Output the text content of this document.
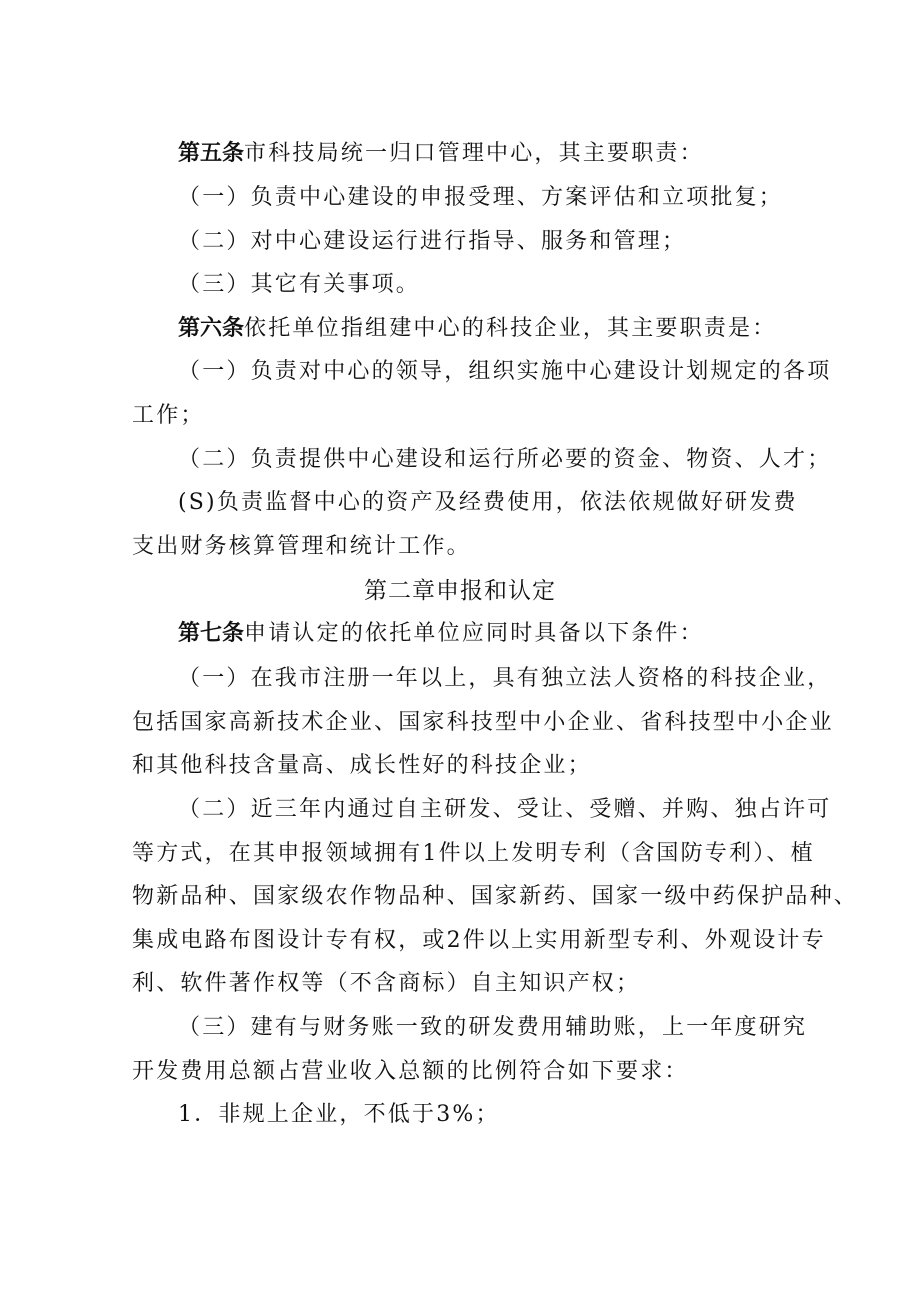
第五条市科技局统一归口管理中心，其主要职责：
（一）负责中心建设的申报受理、方案评估和立项批复；
（二）对中心建设运行进行指导、服务和管理；
（三）其它有关事项。
第六条依托单位指组建中心的科技企业，其主要职责是：
（一）负责对中心的领导，组织实施中心建设计划规定的各项
工作；
（二）负责提供中心建设和运行所必要的资金、物资、人才；
(S)负责监督中心的资产及经费使用，依法依规做好研发费
支出财务核算管理和统计工作。
第二章申报和认定
第七条申请认定的依托单位应同时具备以下条件：
（一）在我市注册一年以上，具有独立法人资格的科技企业，
包括国家高新技术企业、国家科技型中小企业、省科技型中小企业
和其他科技含量高、成长性好的科技企业；
（二）近三年内通过自主研发、受让、受赠、并购、独占许可
等方式，在其申报领域拥有1件以上发明专利（含国防专利）、植
物新品种、国家级农作物品种、国家新药、国家一级中药保护品种、
集成电路布图设计专有权，或2件以上实用新型专利、外观设计专
利、软件著作权等（不含商标）自主知识产权；
（三）建有与财务账一致的研发费用辅助账，上一年度研究
开发费用总额占营业收入总额的比例符合如下要求：
1．非规上企业，不低于3%；
